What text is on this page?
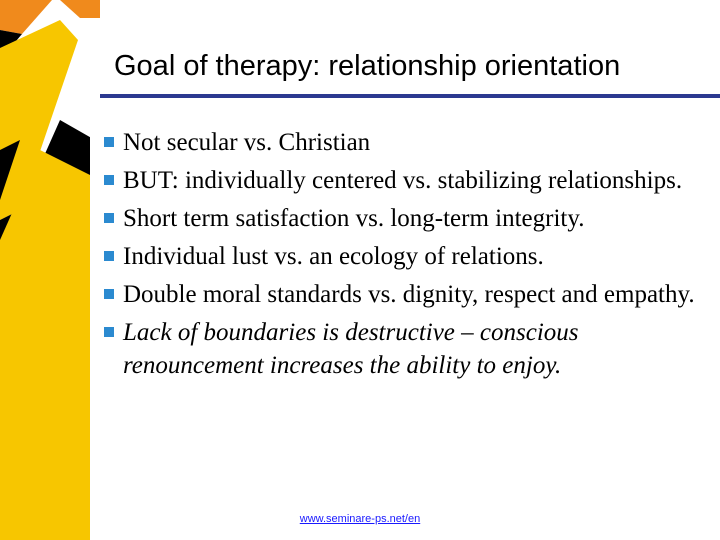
Goal of therapy: relationship orientation
Not secular vs. Christian
BUT: individually centered vs. stabilizing relationships.
Short term satisfaction vs. long-term integrity.
Individual lust vs. an ecology of relations.
Double moral standards vs. dignity, respect and empathy.
Lack of boundaries is destructive – conscious renouncement increases the ability to enjoy.
www.seminare-ps.net/en
